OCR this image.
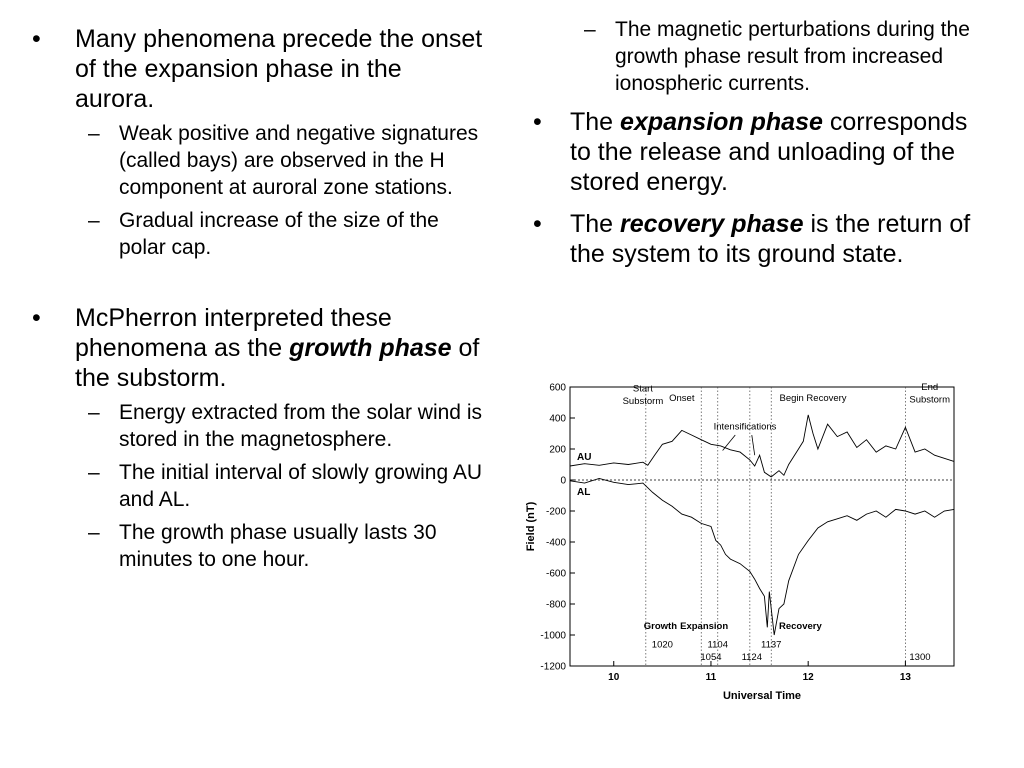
•	Many phenomena precede the onset of the expansion phase in the aurora.
– Weak positive and negative signatures (called bays) are observed in the H component at auroral zone stations.
– Gradual increase of the size of the polar cap.
•	McPherron interpreted these phenomena as the growth phase of the substorm.
– Energy extracted from the solar wind is stored in the magnetosphere.
– The initial interval of slowly growing AU and AL.
– The growth phase usually lasts 30 minutes to one hour.
– The magnetic perturbations during the growth phase result from increased ionospheric currents.
•	The expansion phase corresponds to the release and unloading of the stored energy.
•	The recovery phase is the return of the system to its ground state.
600
400
200
0
-200
-400
-600
-800
-1000
-1200
10	11	12	13
Universal Time
Field (nT)
AU
AL
Start
Substorm Onset
Intensifications
Begin Recovery
End
Substorm
Growth Expansion	Recovery
1020	1104	1137
1054 1124	1300
